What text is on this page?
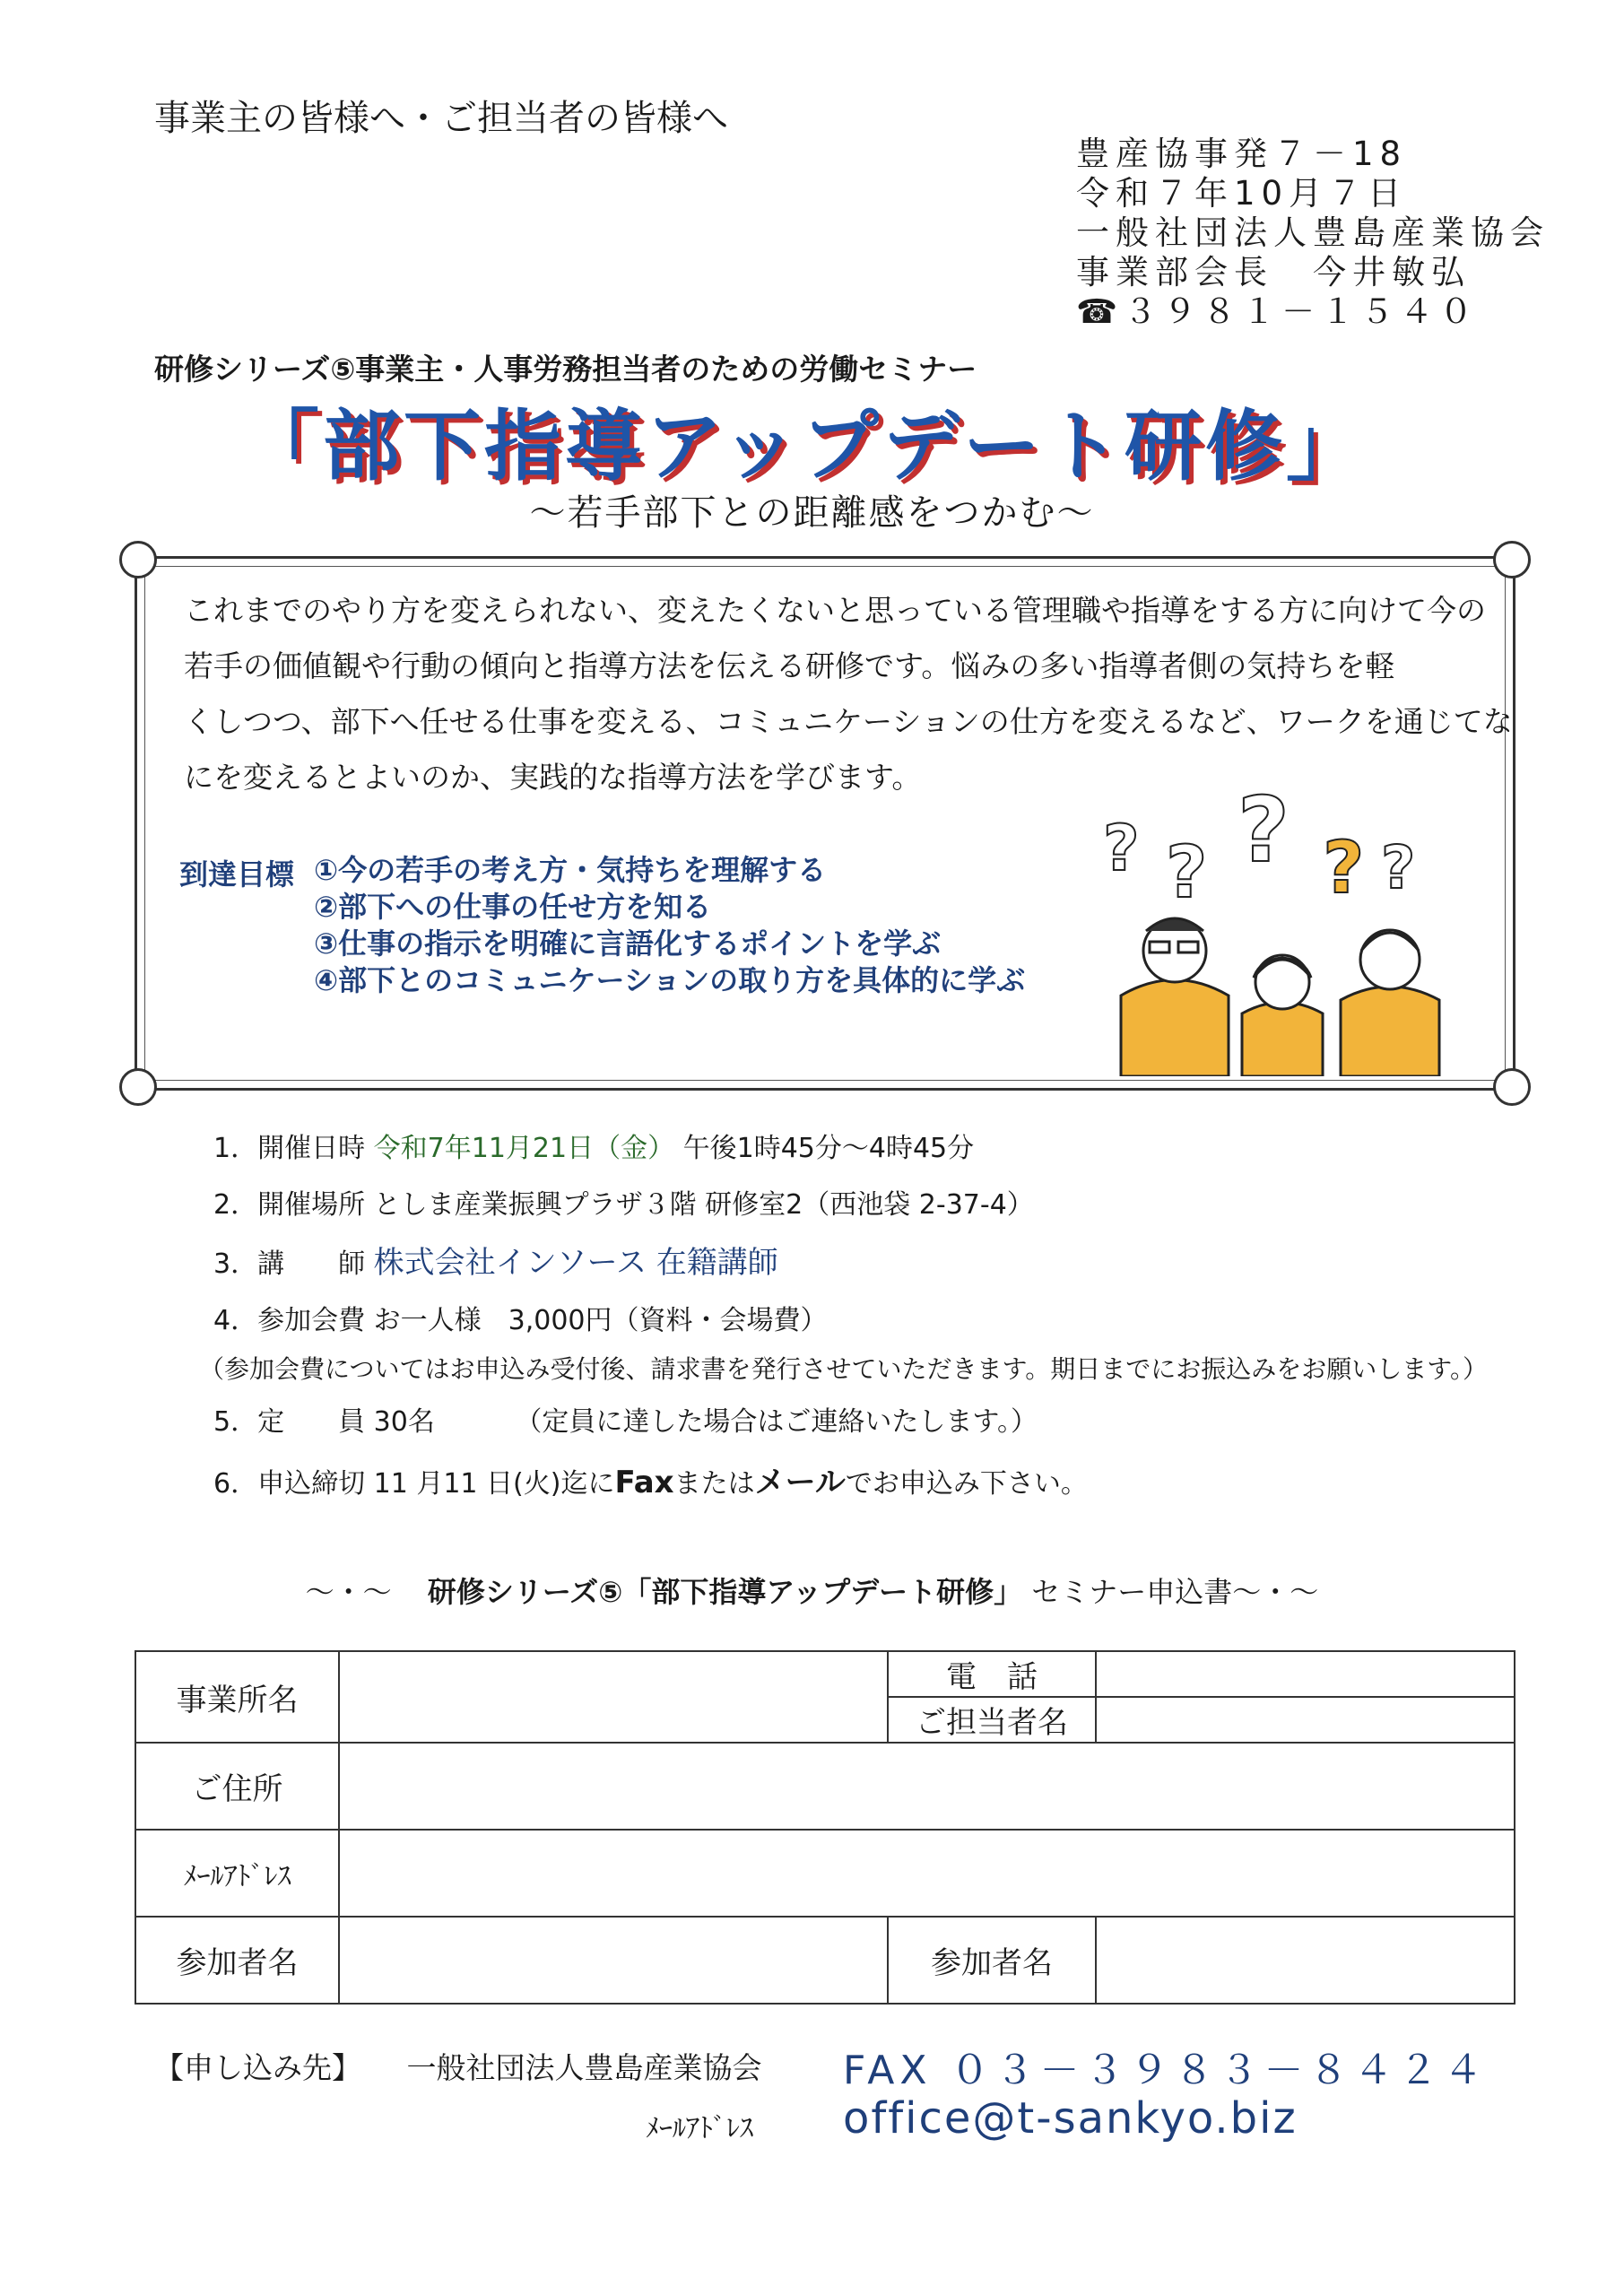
事業主の皆様へ・ご担当者の皆様へ
豊産協事発７－18
令和７年10月７日
一般社団法人豊島産業協会
事業部会長　今井敏弘
☎３９８１－１５４０
研修シリーズ⑤事業主・人事労務担当者のための労働セミナー
「部下指導アップデート研修」
～若手部下との距離感をつかむ～

これまでのやり方を変えられない、変えたくないと思っている管理職や指導をする方に向けて今の

若手の価値観や行動の傾向と指導方法を伝える研修です。悩みの多い指導者側の気持ちを軽

くしつつ、部下へ任せる仕事を変える、コミュニケーションの仕方を変えるなど、ワークを通じてな

にを変えるとよいのか、実践的な指導方法を学びます。

到達目標 ①今の若手の考え方・気持ちを理解する
②部下への仕事の任せ方を知る
③仕事の指示を明確に言語化するポイントを学ぶ
④部下とのコミュニケーションの取り方を具体的に学ぶ
? ? ? ? ?
1．開催日時 令和7年11月21日（金） 午後1時45分～4時45分
2．開催場所 としま産業振興プラザ３階 研修室2（西池袋 2-37-4）
3．講　　師 株式会社インソース 在籍講師
4．参加会費 お一人様　3,000円（資料・会場費）
（参加会費についてはお申込み受付後、請求書を発行させていただきます。期日までにお振込みをお願いします。）
5．定　　員 30名	（定員に達した場合はご連絡いたします。）
6．申込締切 11 月11 日(火)迄にFaxまたはメールでお申込み下さい。
～・～ 研修シリーズ⑤「部下指導アップデート研修」 セミナー申込書～・～
事業所名		電　話	
		ご担当者名	
ご住所			
ﾒｰﾙｱﾄﾞﾚｽ			
参加者名		参加者名	
【申し込み先】 一般社団法人豊島産業協会 FAX ０３－３９８３－８４２４
ﾒｰﾙｱﾄﾞﾚｽ office@t-sankyo.biz
